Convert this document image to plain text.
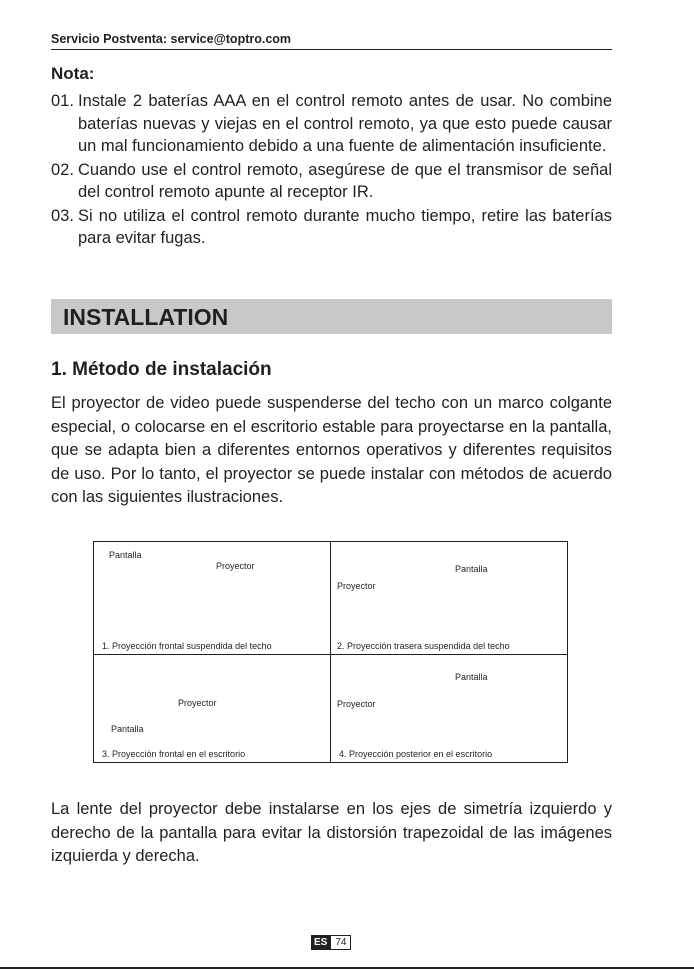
Servicio Postventa: service@toptro.com
Nota:
01. Instale 2 baterías AAA en el control remoto antes de usar. No combine baterías nuevas y viejas en el control remoto, ya que esto puede causar un mal funcionamiento debido a una fuente de alimentación insuficiente.
02. Cuando use el control remoto, asegúrese de que el transmisor de señal del control remoto apunte al receptor IR.
03. Si no utiliza el control remoto durante mucho tiempo, retire las baterías para evitar fugas.
INSTALLATION
1. Método de instalación
El proyector de video puede suspenderse del techo con un marco colgante especial, o colocarse en el escritorio estable para proyectarse en la pantalla, que se adapta bien a diferentes entornos operativos y diferentes requisitos de uso. Por lo tanto, el proyector se puede instalar con métodos de acuerdo con las siguientes ilustraciones.
Pantalla
Proyector
1. Proyección frontal suspendida del techo
Pantalla
Proyector
2. Proyección trasera suspendida del techo
Proyector
Pantalla
3. Proyección frontal en el escritorio
Pantalla
Proyector
4. Proyección posterior en el escritorio
La lente del proyector debe instalarse en los ejes de simetría izquierdo y derecho de la pantalla para evitar la distorsión trapezoidal de las imágenes izquierda y derecha.
ES 74
